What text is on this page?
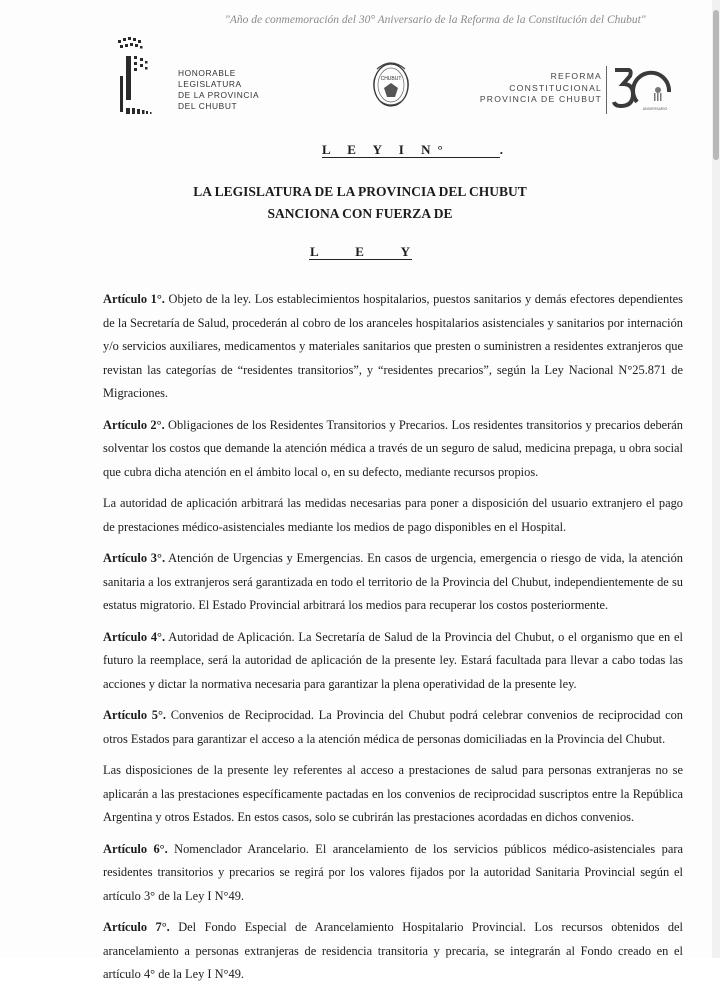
"Año de conmemoración del 30° Aniversario de la Reforma de la Constitución del Chubut"
HONORABLE
LEGISLATURA
DE LA PROVINCIA
DEL CHUBUT
CHUBUT	REFORMA
CONSTITUCIONAL
PROVINCIA DE CHUBUT
ANIVERSARIO
L E Y I N°	.
LA LEGISLATURA DE LA PROVINCIA DEL CHUBUT
SANCIONA CON FUERZA DE
L	E	Y

Artículo 1°. Objeto de la ley. Los establecimientos hospitalarios, puestos sanitarios y demás efectores dependientes de la Secretaría de Salud, procederán al cobro de los aranceles hospitalarios asistenciales y sanitarios por internación y/o servicios auxiliares, medicamentos y materiales sanitarios que presten o suministren a residentes extranjeros que revistan las categorías de “residentes transitorios”, y “residentes precarios”, según la Ley Nacional N°25.871 de Migraciones.

Artículo 2°. Obligaciones de los Residentes Transitorios y Precarios. Los residentes transitorios y precarios deberán solventar los costos que demande la atención médica a través de un seguro de salud, medicina prepaga, u obra social que cubra dicha atención en el ámbito local o, en su defecto, mediante recursos propios.

La autoridad de aplicación arbitrará las medidas necesarias para poner a disposición del usuario extranjero el pago de prestaciones médico-asistenciales mediante los medios de pago disponibles en el Hospital.

Artículo 3°. Atención de Urgencias y Emergencias. En casos de urgencia, emergencia o riesgo de vida, la atención sanitaria a los extranjeros será garantizada en todo el territorio de la Provincia del Chubut, independientemente de su estatus migratorio. El Estado Provincial arbitrará los medios para recuperar los costos posteriormente.

Artículo 4°. Autoridad de Aplicación. La Secretaría de Salud de la Provincia del Chubut, o el organismo que en el futuro la reemplace, será la autoridad de aplicación de la presente ley. Estará facultada para llevar a cabo todas las acciones y dictar la normativa necesaria para garantizar la plena operatividad de la presente ley.

Artículo 5°. Convenios de Reciprocidad. La Provincia del Chubut podrá celebrar convenios de reciprocidad con otros Estados para garantizar el acceso a la atención médica de personas domiciliadas en la Provincia del Chubut.

Las disposiciones de la presente ley referentes al acceso a prestaciones de salud para personas extranjeras no se aplicarán a las prestaciones específicamente pactadas en los convenios de reciprocidad suscriptos entre la República Argentina y otros Estados. En estos casos, solo se cubrirán las prestaciones acordadas en dichos convenios.

Artículo 6°. Nomenclador Arancelario. El arancelamiento de los servicios públicos médico-asistenciales para residentes transitorios y precarios se regirá por los valores fijados por la autoridad Sanitaria Provincial según el artículo 3° de la Ley I N°49.

Artículo 7°. Del Fondo Especial de Arancelamiento Hospitalario Provincial. Los recursos obtenidos del arancelamiento a personas extranjeras de residencia transitoria y precaria, se integrarán al Fondo creado en el artículo 4° de la Ley I N°49.
